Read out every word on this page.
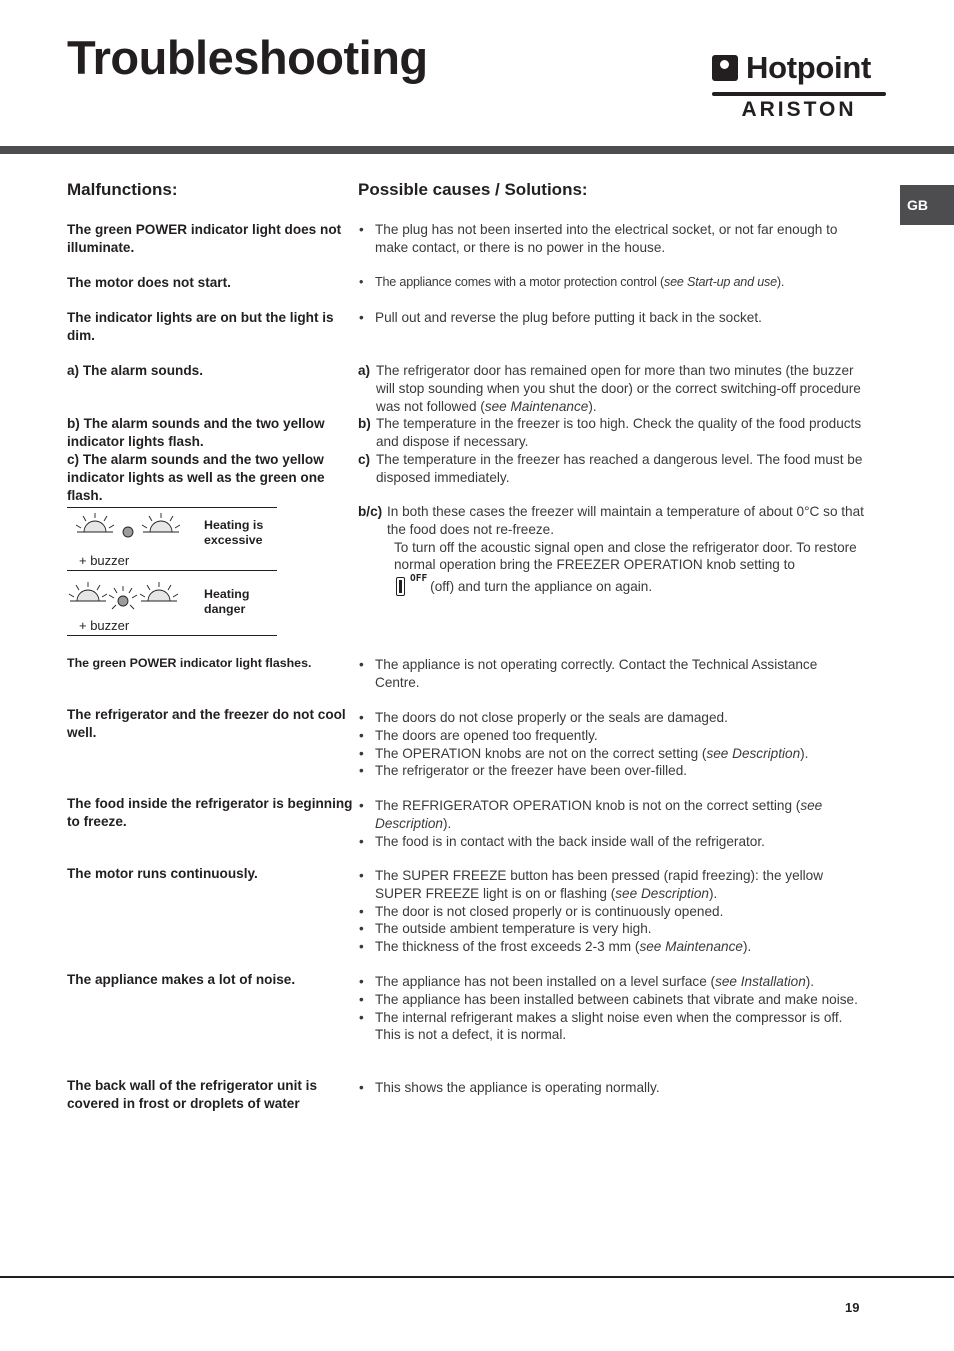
Troubleshooting	Hotpoint
ARISTON
GB
Malfunctions:	Possible causes / Solutions:
The green POWER indicator light does not illuminate.
• The plug has not been inserted into the electrical socket, or not far enough to make contact, or there is no power in the house.
The motor does not start.	• The appliance comes with a motor protection control (see Start-up and use).
The indicator lights are on but the light is dim.
• Pull out and reverse the plug before putting it back in the socket.
a) The alarm sounds.
b) The alarm sounds and the two yellow indicator lights flash.
c) The alarm sounds and the two yellow indicator lights as well as the green one flash.
a) The refrigerator door has remained open for more than two minutes (the buzzer will stop sounding when you shut the door) or the correct switching-off procedure was not followed (see Maintenance).
b) The temperature in the freezer is too high. Check the quality of the food products and dispose if necessary.
c) The temperature in the freezer has reached a dangerous level. The food must be disposed immediately.
b/c) In both these cases the freezer will maintain a temperature of about 0°C so that the food does not re-freeze.
To turn off the acoustic signal open and close the refrigerator door. To restore normal operation bring the FREEZER OPERATION knob setting to
OFF
(off) and turn the appliance on again.
Heating is excessive
+ buzzer
Heating danger
+ buzzer
The green POWER indicator light flashes.	• The appliance is not operating correctly. Contact the Technical Assistance Centre.
The refrigerator and the freezer do not cool well.
• The doors do not close properly or the seals are damaged.
• The doors are opened too frequently.
• The OPERATION knobs are not on the correct setting (see Description).
• The refrigerator or the freezer have been over-filled.
The food inside the refrigerator is beginning to freeze.
• The REFRIGERATOR OPERATION knob is not on the correct setting (see Description).
• The food is in contact with the back inside wall of the refrigerator.
The motor runs continuously.	• The SUPER FREEZE button has been pressed (rapid freezing): the yellow SUPER FREEZE light is on or flashing (see Description).
• The door is not closed properly or is continuously opened.
• The outside ambient temperature is very high.
• The thickness of the frost exceeds 2-3 mm (see Maintenance).
The appliance makes a lot of noise.	• The appliance has not been installed on a level surface (see Installation).
• The appliance has been installed between cabinets that vibrate and make noise.
• The internal refrigerant makes a slight noise even when the compressor is off. This is not a defect, it is normal.
The back wall of the refrigerator unit is covered in frost or droplets of water
• This shows the appliance is operating normally.
19
